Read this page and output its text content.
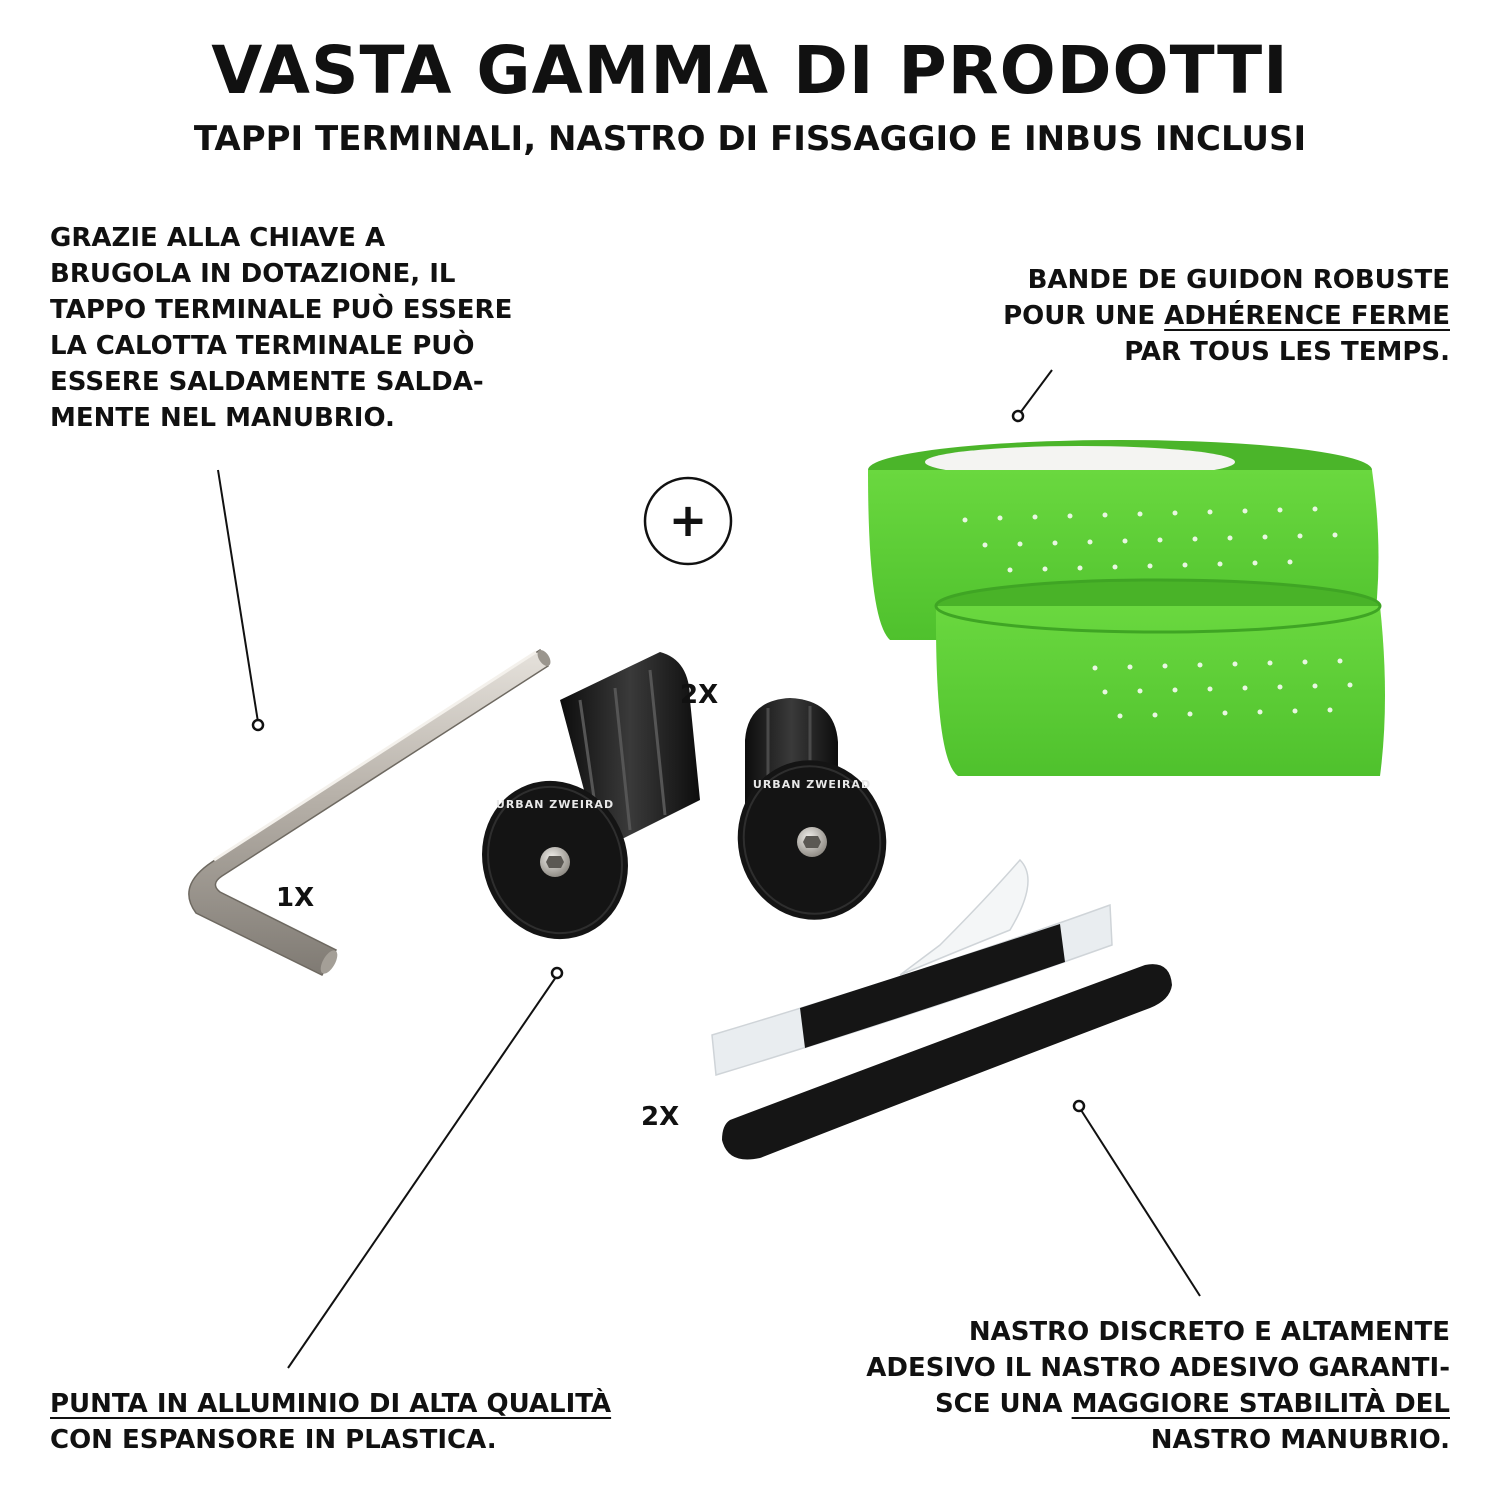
VASTA GAMMA DI PRODOTTI
TAPPI TERMINALI, NASTRO DI FISSAGGIO E INBUS INCLUSI
GRAZIE ALLA CHIAVE A
BRUGOLA IN DOTAZIONE, IL
TAPPO TERMINALE PUÒ ESSERE
LA CALOTTA TERMINALE PUÒ
ESSERE SALDAMENTE SALDA-
MENTE NEL MANUBRIO.
BANDE DE GUIDON ROBUSTE
POUR UNE ADHÉRENCE FERME
PAR TOUS LES TEMPS.
PUNTA IN ALLUMINIO DI ALTA QUALITÀ
CON ESPANSORE IN PLASTICA.
NASTRO DISCRETO E ALTAMENTE
ADESIVO IL NASTRO ADESIVO GARANTI-
SCE UNA MAGGIORE STABILITÀ DEL
NASTRO MANUBRIO.
+
URBAN ZWEIRAD
URBAN ZWEIRAD
1X
2X
2X
